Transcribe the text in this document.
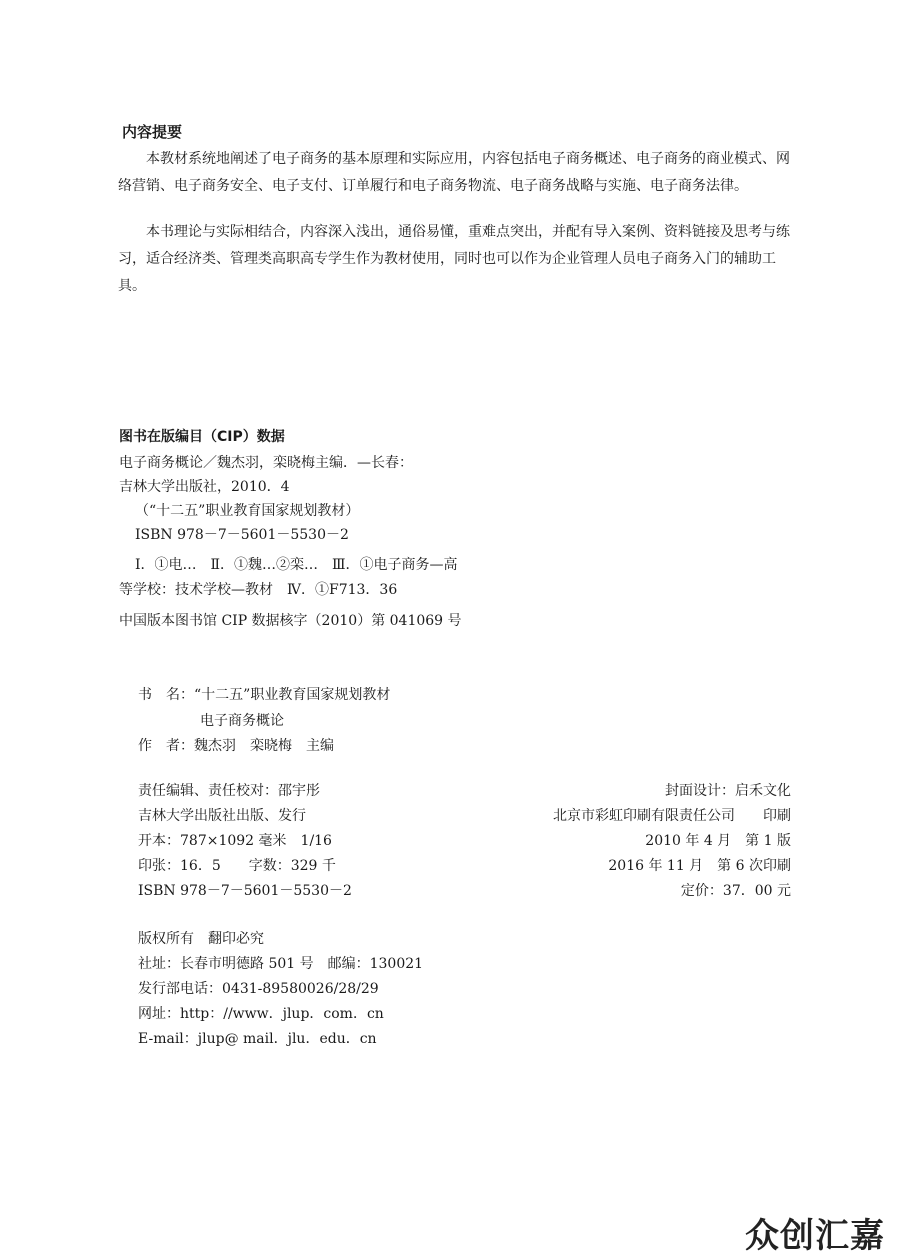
内容提要
本教材系统地阐述了电子商务的基本原理和实际应用，内容包括电子商务概述、电子商务的商业模式、网络营销、电子商务安全、电子支付、订单履行和电子商务物流、电子商务战略与实施、电子商务法律。
本书理论与实际相结合，内容深入浅出，通俗易懂，重难点突出，并配有导入案例、资料链接及思考与练习，适合经济类、管理类高职高专学生作为教材使用，同时也可以作为企业管理人员电子商务入门的辅助工具。
图书在版编目（CIP）数据
电子商务概论／魏杰羽，栾晓梅主编．—长春：
吉林大学出版社，2010．4
（“十二五”职业教育国家规划教材）
ISBN 978－7－5601－5530－2
Ⅰ．①电…　Ⅱ．①魏…②栾…　Ⅲ．①电子商务—高
等学校：技术学校—教材　Ⅳ．①F713．36
中国版本图书馆 CIP 数据核字（2010）第 041069 号
书　名：“十二五”职业教育国家规划教材
电子商务概论
作　者：魏杰羽　栾晓梅　主编
责任编辑、责任校对：邵宇彤
吉林大学出版社出版、发行
开本：787×1092 毫米　1/16
印张：16．5　　字数：329 千
ISBN 978－7－5601－5530－2
封面设计：启禾文化
北京市彩虹印刷有限责任公司　　印刷
2010 年 4 月　第 1 版
2016 年 11 月　第 6 次印刷
定价：37．00 元
版权所有　翻印必究
社址：长春市明德路 501 号　邮编：130021
发行部电话：0431-89580026/28/29
网址：http：//www．jlup．com．cn
E-mail：jlup@ mail．jlu．edu．cn
众创汇嘉
